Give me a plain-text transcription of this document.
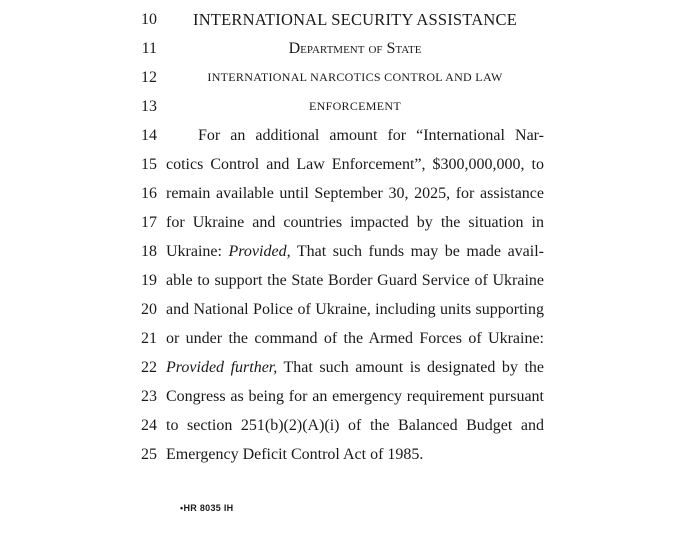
10	INTERNATIONAL SECURITY ASSISTANCE
11	Department of State
12	INTERNATIONAL NARCOTICS CONTROL AND LAW
13	ENFORCEMENT
14	For an additional amount for “International Nar-
15 cotics Control and Law Enforcement”, $300,000,000, to
16 remain available until September 30, 2025, for assistance
17 for Ukraine and countries impacted by the situation in
18 Ukraine: Provided, That such funds may be made avail-
19 able to support the State Border Guard Service of Ukraine
20 and National Police of Ukraine, including units supporting
21 or under the command of the Armed Forces of Ukraine:
22 Provided further, That such amount is designated by the
23 Congress as being for an emergency requirement pursuant
24 to section 251(b)(2)(A)(i) of the Balanced Budget and
25 Emergency Deficit Control Act of 1985.
•HR 8035 IH
